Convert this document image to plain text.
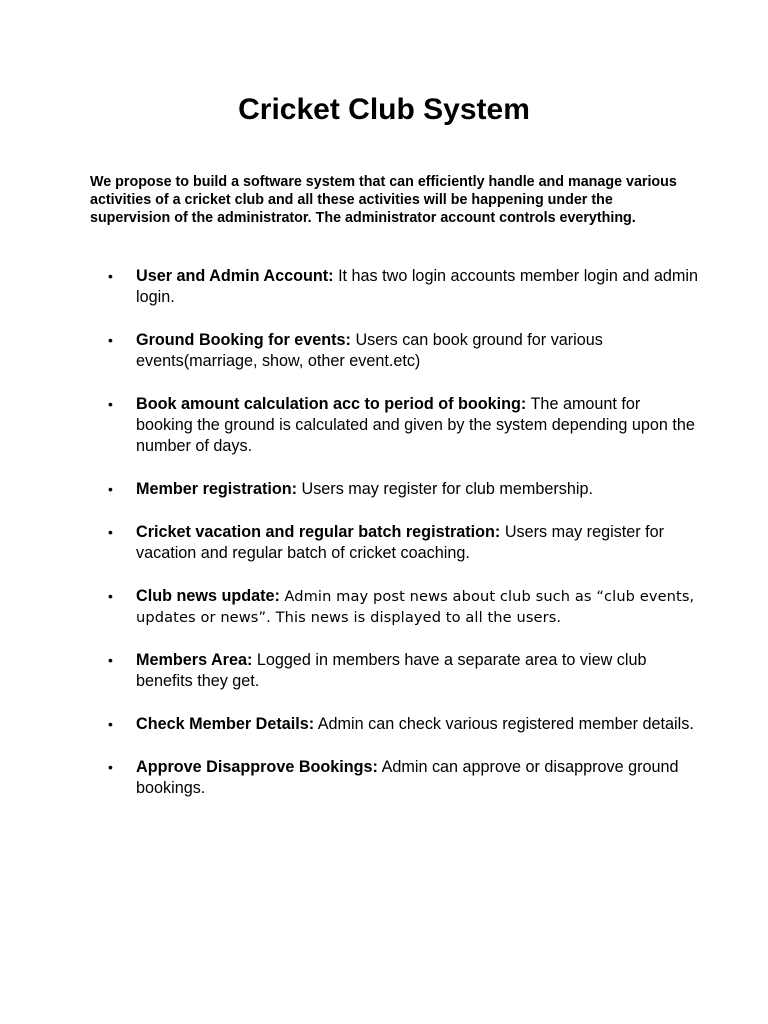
Cricket Club System

We propose to build a software system that can efficiently handle and manage various activities of a cricket club and all these activities will be happening under the supervision of the administrator. The administrator account controls everything.

• User and Admin Account: It has two login accounts member login and admin login.
• Ground Booking for events: Users can book ground for various events(marriage, show, other event.etc)
• Book amount calculation acc to period of booking: The amount for booking the ground is calculated and given by the system depending upon the number of days.
• Member registration: Users may register for club membership.
• Cricket vacation and regular batch registration: Users may register for vacation and regular batch of cricket coaching.
• Club news update: Admin may post news about club such as “club events, updates or news”. This news is displayed to all the users.
• Members Area: Logged in members have a separate area to view club benefits they get.
• Check Member Details: Admin can check various registered member details.
• Approve Disapprove Bookings: Admin can approve or disapprove ground bookings.
